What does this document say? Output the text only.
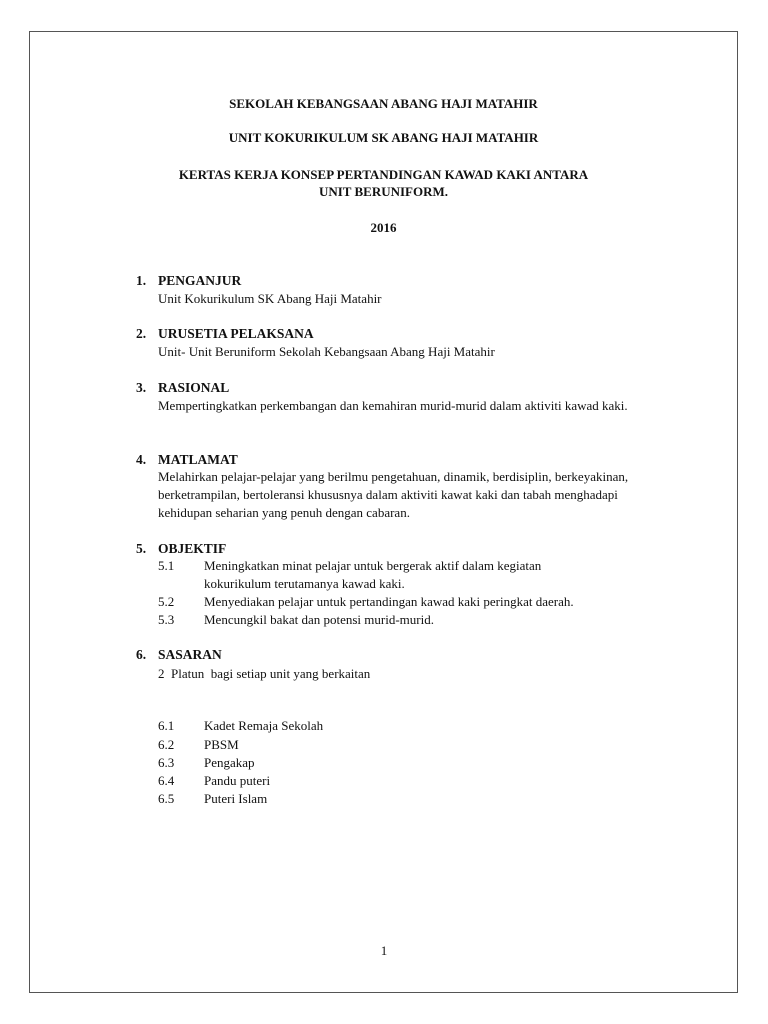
SEKOLAH KEBANGSAAN ABANG HAJI MATAHIR

UNIT KOKURIKULUM SK ABANG HAJI MATAHIR

KERTAS KERJA KONSEP PERTANDINGAN KAWAD KAKI ANTARA

UNIT BERUNIFORM.

2016

1. PENGANJUR

Unit Kokurikulum SK Abang Haji Matahir

2. URUSETIA PELAKSANA

Unit- Unit Beruniform Sekolah Kebangsaan Abang Haji Matahir

3. RASIONAL

Mempertingkatkan perkembangan dan kemahiran murid-murid dalam aktiviti kawad kaki.

4. MATLAMAT

Melahirkan pelajar-pelajar yang berilmu pengetahuan, dinamik, berdisiplin, berkeyakinan, berketrampilan, bertoleransi khususnya dalam aktiviti kawat kaki dan tabah menghadapi kehidupan seharian yang penuh dengan cabaran.

5. OBJEKTIF

5.1 Meningkatkan minat pelajar untuk bergerak aktif dalam kegiatan kokurikulum terutamanya kawad kaki.
5.2 Menyediakan pelajar untuk pertandingan kawad kaki peringkat daerah.
5.3 Mencungkil bakat dan potensi murid-murid.

6. SASARAN

2  Platun  bagi setiap unit yang berkaitan

6.1 Kadet Remaja Sekolah
6.2 PBSM
6.3 Pengakap
6.4 Pandu puteri
6.5 Puteri Islam
1
